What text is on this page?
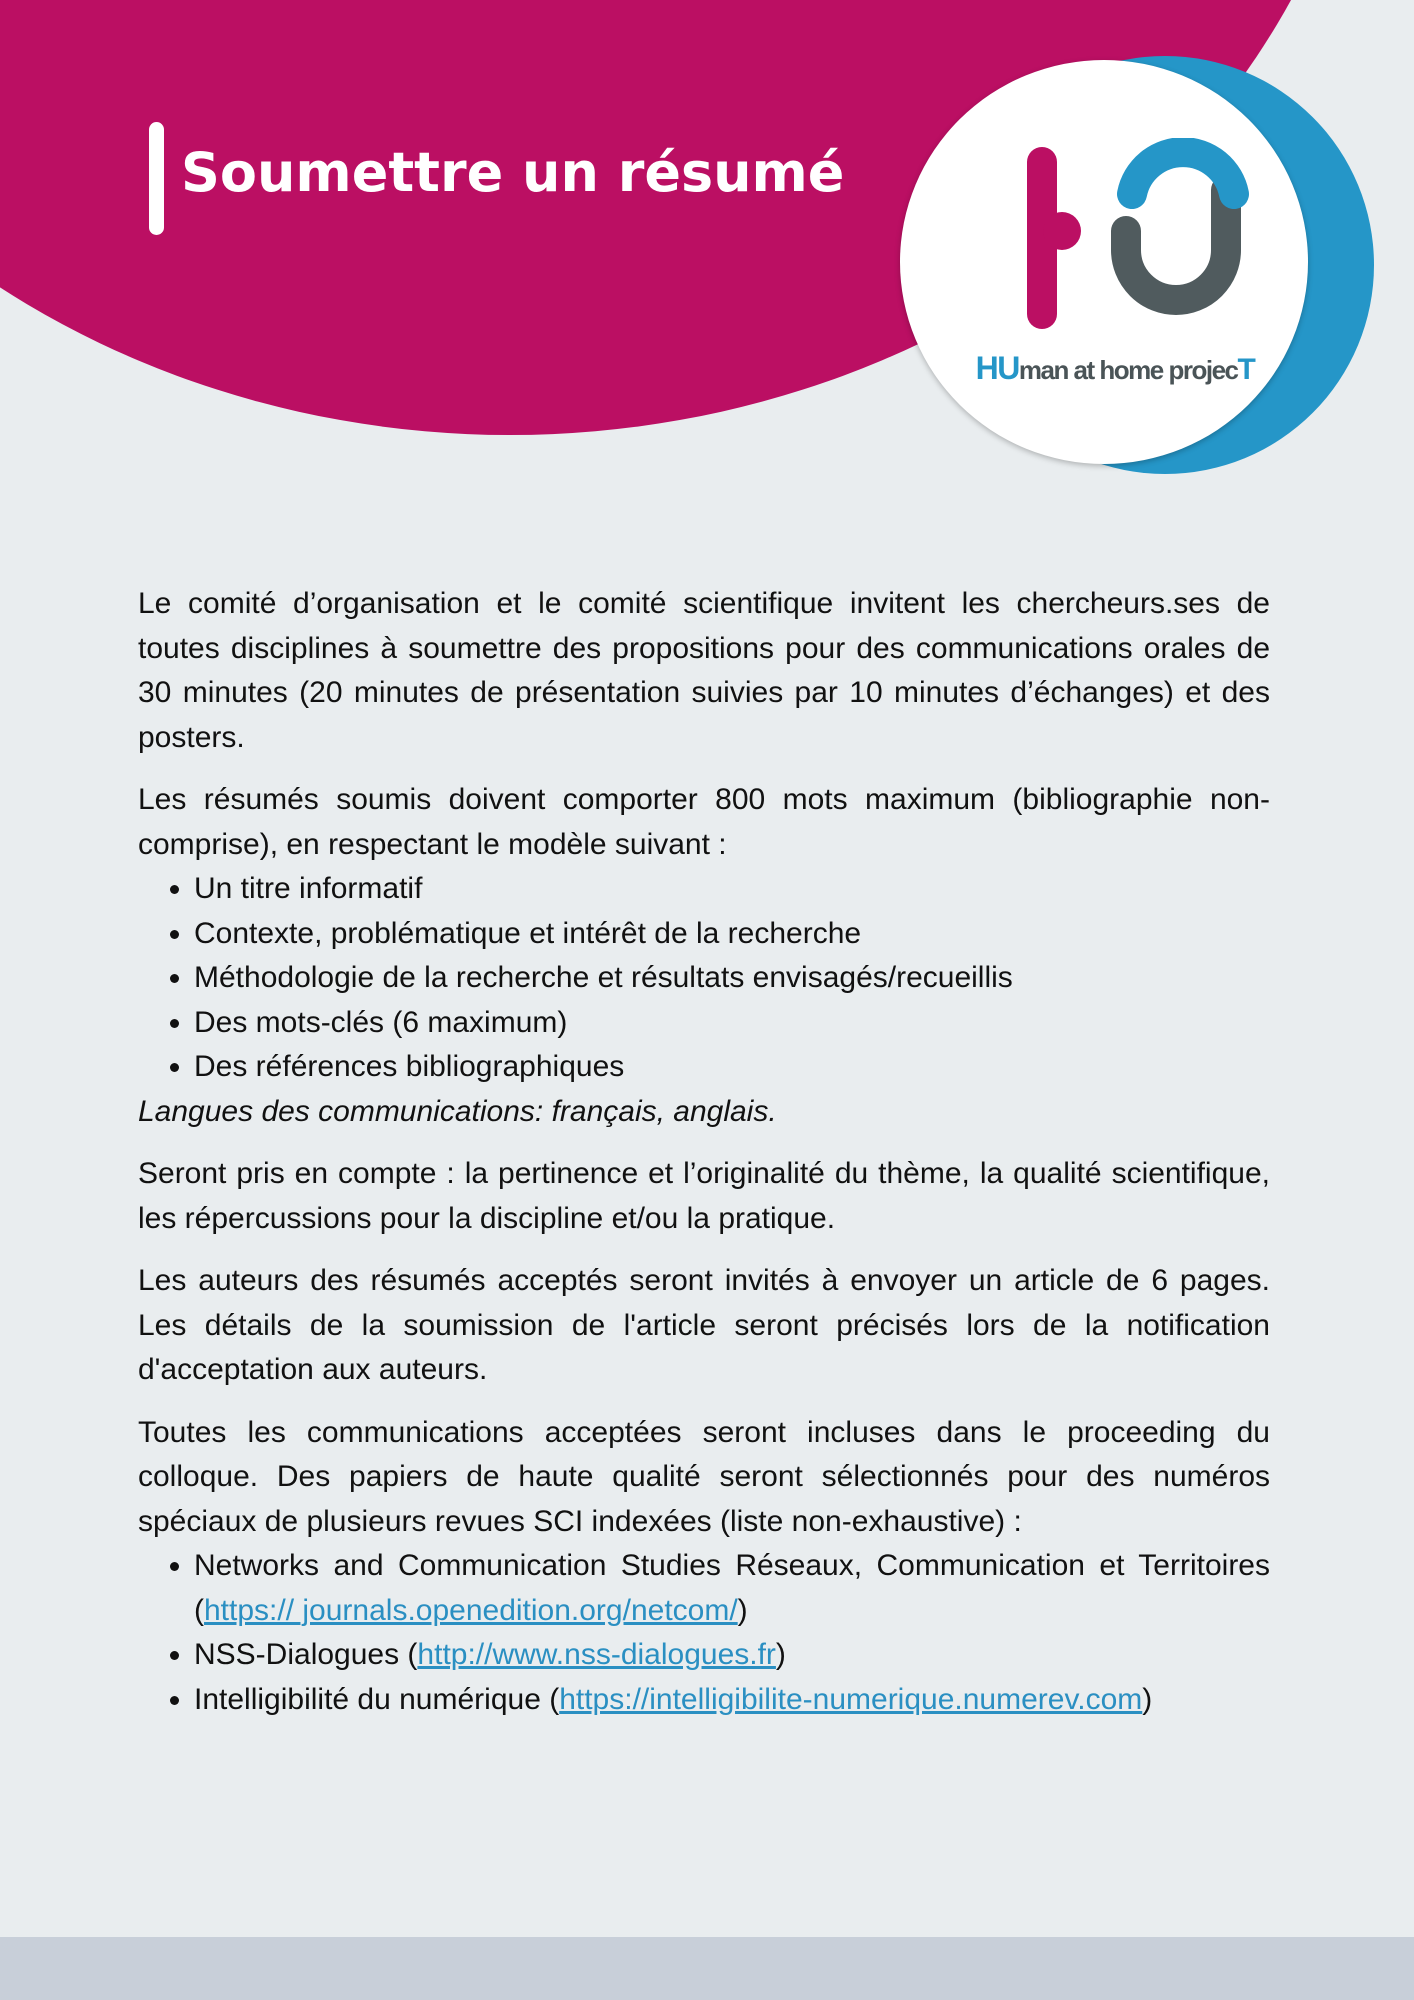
Soumettre un résumé
HUman at home projecT

Le comité d’organisation et le comité scientifique invitent les chercheurs.ses de toutes disciplines à soumettre des propositions pour des communications orales de 30 minutes (20 minutes de présentation suivies par 10 minutes d’échanges) et des posters.

Les résumés soumis doivent comporter 800 mots maximum (bibliographie non-comprise), en respectant le modèle suivant :

• Un titre informatif
• Contexte, problématique et intérêt de la recherche
• Méthodologie de la recherche et résultats envisagés/recueillis
• Des mots-clés (6 maximum)
• Des références bibliographiques

Langues des communications: français, anglais.

Seront pris en compte : la pertinence et l’originalité du thème, la qualité scientifique, les répercussions pour la discipline et/ou la pratique.

Les auteurs des résumés acceptés seront invités à envoyer un article de 6 pages. Les détails de la soumission de l'article seront précisés lors de la notification d'acceptation aux auteurs.

Toutes les communications acceptées seront incluses dans le proceeding du colloque. Des papiers de haute qualité seront sélectionnés pour des numéros spéciaux de plusieurs revues SCI indexées (liste non-exhaustive) :

• Networks and Communication Studies Réseaux, Communication et Territoires (https:// journals.openedition.org/netcom/)
• NSS-Dialogues (http://www.nss-dialogues.fr)
• Intelligibilité du numérique (https://intelligibilite-numerique.numerev.com)
